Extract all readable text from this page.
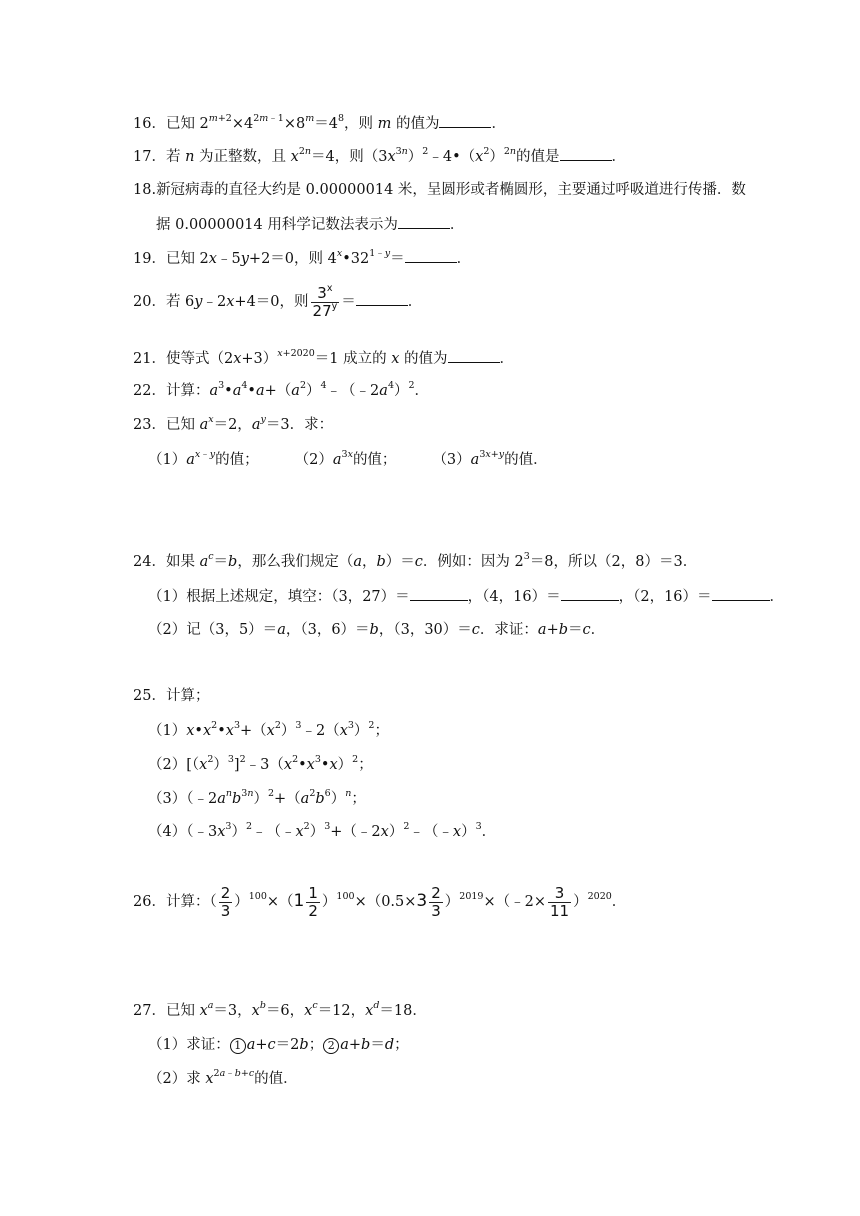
16．已知 $2^{m+2}\times 4^{2m﹣1}\times 8^m=4^8$，则 m 的值为	．
17．若 n 为正整数，且 $x^{2n}=4$，则$(3x^{3n})^2﹣4•(x^2)^{2n}$的值是	．
18.新冠病毒的直径大约是 0.00000014 米，呈圆形或者椭圆形，主要通过呼吸道进行传播．数
据 0.00000014 用科学记数法表示为	．
19．已知 2x﹣5y+2＝0，则 $4^x•32^{1﹣y}=$	．
20．若 6y﹣2x+4＝0，则 $\frac{3^x}{27^y}$ ＝	．
21．使等式$(2x+3)^{x+2020}=1$ 成立的 x 的值为	．
22．计算：$a^3•a^4•a+(a^2)^4﹣(﹣2a^4)^2$．
23．已知 $a^x=2$，$a^y=3$．求：
$(1)a^{x﹣y}$的值； $(2)a^{3x}$的值； $(3)a^{3x+y}$的值．
24．如果 $a^c=b$，那么我们规定（a，b）＝c．例如：因为 $2^3=8$，所以（2，8）＝3．
（1）根据上述规定，填空：（3，27）＝	，（4，16）＝	，（2，16）＝	．
（2）记（3，5）＝a，（3，6）＝b，（3，30）＝c．求证：a+b＝c．
25．计算；
$(1)x•x^2•x^3+(x^2)^3﹣2(x^3)^2$；
$(2)[(x^2)^3]^2﹣3(x^2•x^3•x)^2$；
$(3)(﹣2a^nb^{3n})^2+(a^2b^6)^n$；
$(4)(﹣3x^3)^2﹣(﹣x^2)^3+(﹣2x)^2﹣(﹣x)^3$．
26．计算：（ $\frac{2}{3} )^{100}\times(1 \frac{1}{2} )^{100}\times(0.5\times 3 \frac{2}{3}$ ）$^{2019}\times(﹣2\times \frac{3}{11} )^{2020}$．
27．已知 $x^a=3$，$x^b=6$，$x^c=12$，$x^d=18$．
（1）求证： 1 a+c＝2b； 2 a+b＝d；
（2）求 $x^{2a﹣b+c}$的值．
